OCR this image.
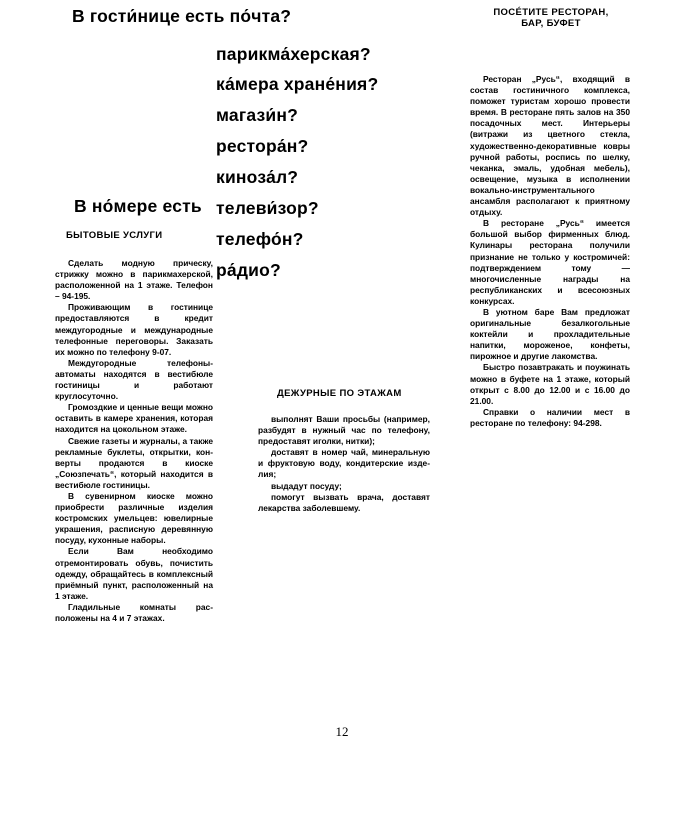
В гости́нице есть по́чта?
В но́мере есть
парикма́херская?
ка́мера хране́ния?
магази́н?
рестора́н?
киноза́л?
телеви́зор?
телефо́н?
ра́дио?
БЫТОВЫЕ УСЛУГИ

Сделать модную прическу, стрижку можно в парикмахерской, расположенной на 1 этаже. Телефон – 94-195.

Проживающим в гостинице предоставляются в кредит междугородные и международные телефонные переговоры. Заказать их можно по телефону 9-07.

Междугородные телефоны-автоматы находятся в вестибюле гостиницы и работают круглосуточно.

Громоздкие и ценные вещи можно оставить в камере хранения, которая находится на цокольном этаже.

Свежие газеты и журналы, а также рекламные буклеты, открытки, конверты продаются в киоске „Союзпечать“, который находится в вестибюле гостиницы.

В сувенирном киоске можно приобрести различные изделия костромских умельцев: ювелирные украшения, расписную деревянную посуду, кухонные наборы.

Если Вам необходимо отремонтировать обувь, почистить одежду, обращайтесь в комплексный приёмный пункт, расположенный на 1 этаже.

Гладильные комнаты расположены на 4 и 7 этажах.

ДЕЖУРНЫЕ ПО ЭТАЖАМ

выполнят Ваши просьбы (например, разбудят в нужный час по телефону, предоставят иголки, нитки);

доставят в номер чай, минеральную и фруктовую воду, кондитерские изделия;

выдадут посуду;

помогут вызвать врача, доставят лекарства заболевшему.

ПОСЕ́ТИТЕ РЕСТОРАН,
БАР, БУФЕТ

Ресторан „Русь“, входящий в состав гостиничного комплекса, поможет туристам хорошо провести время. В ресторане пять залов на 350 посадочных мест. Интерьеры (витражи из цветного стекла, художественно-декоративные ковры ручной работы, роспись по шелку, чеканка, эмаль, удобная мебель), освещение, музыка в исполнении вокально-инструментального ансамбля располагают к приятному отдыху.

В ресторане „Русь“ имеется большой выбор фирменных блюд. Кулинары ресторана получили признание не только у костромичей: подтверждением тому — многочисленные награды на республиканских и всесоюзных конкурсах.

В уютном баре Вам предложат оригинальные безалкогольные коктейли и прохладительные напитки, мороженое, конфеты, пирожное и другие лакомства.

Быстро позавтракать и поужинать можно в буфете на 1 этаже, который открыт с 8.00 до 12.00 и с 16.00 до 21.00.

Справки о наличии мест в ресторане по телефону: 94-298.

12
